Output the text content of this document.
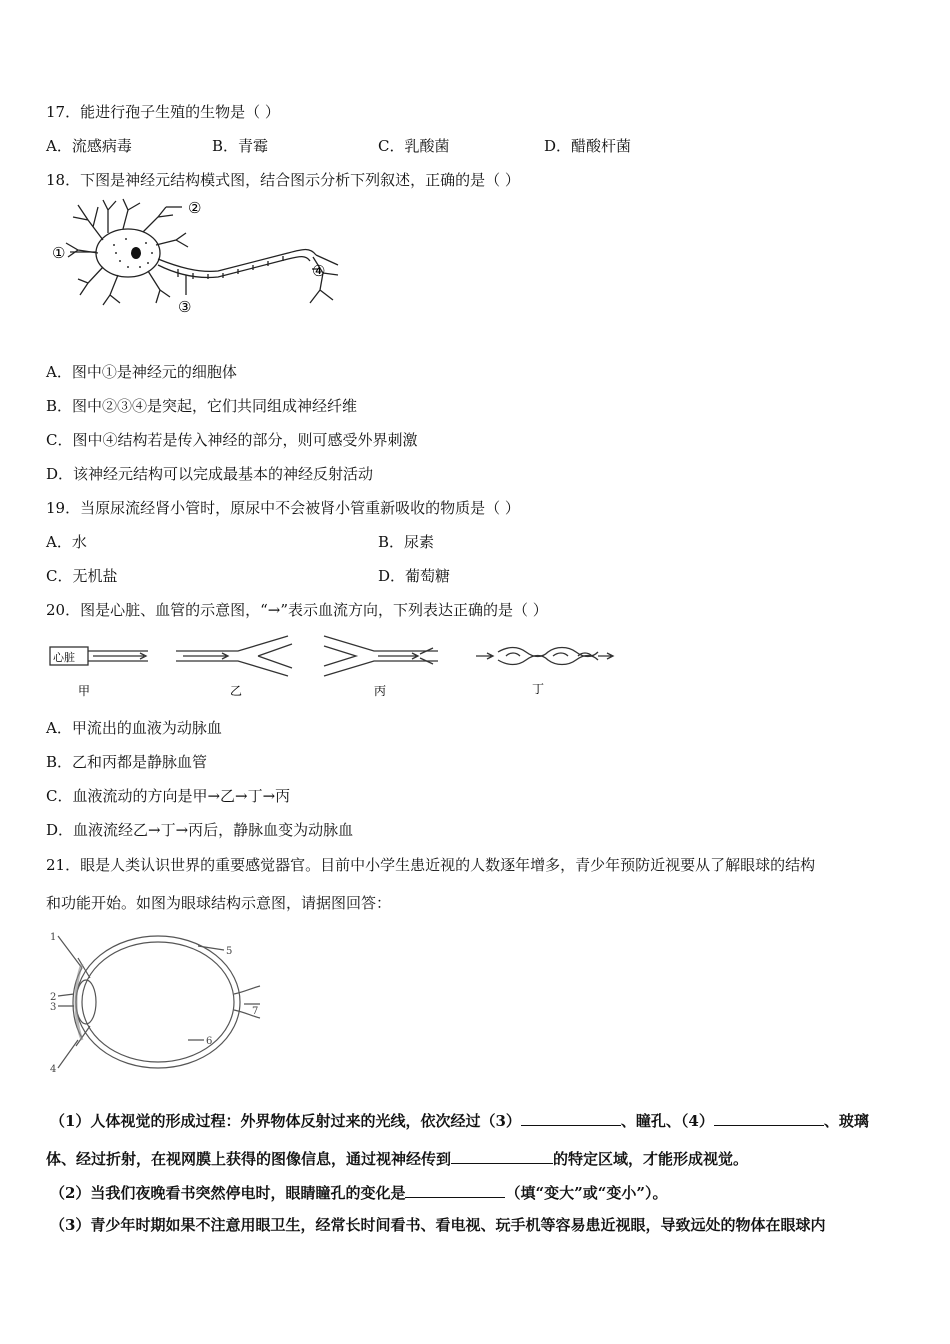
17．能进行孢子生殖的生物是（ ）
A．流感病毒	B．青霉	C．乳酸菌	D．醋酸杆菌
18．下图是神经元结构模式图，结合图示分析下列叙述，正确的是（ ）
①
②
③
④
A．图中①是神经元的细胞体
B．图中②③④是突起，它们共同组成神经纤维
C．图中④结构若是传入神经的部分，则可感受外界刺激
D．该神经元结构可以完成最基本的神经反射活动
19．当原尿流经肾小管时，原尿中不会被肾小管重新吸收的物质是（ ）
A．水	B．尿素
C．无机盐	D．葡萄糖
20．图是心脏、血管的示意图，“→”表示血流方向，下列表达正确的是（ ）
心脏
甲	乙	丙	丁
A．甲流出的血液为动脉血
B．乙和丙都是静脉血管
C．血液流动的方向是甲→乙→丁→丙
D．血液流经乙→丁→丙后，静脉血变为动脉血
21．眼是人类认识世界的重要感觉器官。目前中小学生患近视的人数逐年增多，青少年预防近视要从了解眼球的结构
和功能开始。如图为眼球结构示意图，请据图回答：
1
2
3
4
5
6
7
（1）人体视觉的形成过程：外界物体反射过来的光线，依次经过（3）	、瞳孔、（4）	、玻璃
体、经过折射，在视网膜上获得的图像信息，通过视神经传到	的特定区域，才能形成视觉。
（2）当我们夜晚看书突然停电时，眼睛瞳孔的变化是	（填“变大”或“变小”）。
（3）青少年时期如果不注意用眼卫生，经常长时间看书、看电视、玩手机等容易患近视眼，导致远处的物体在眼球内
